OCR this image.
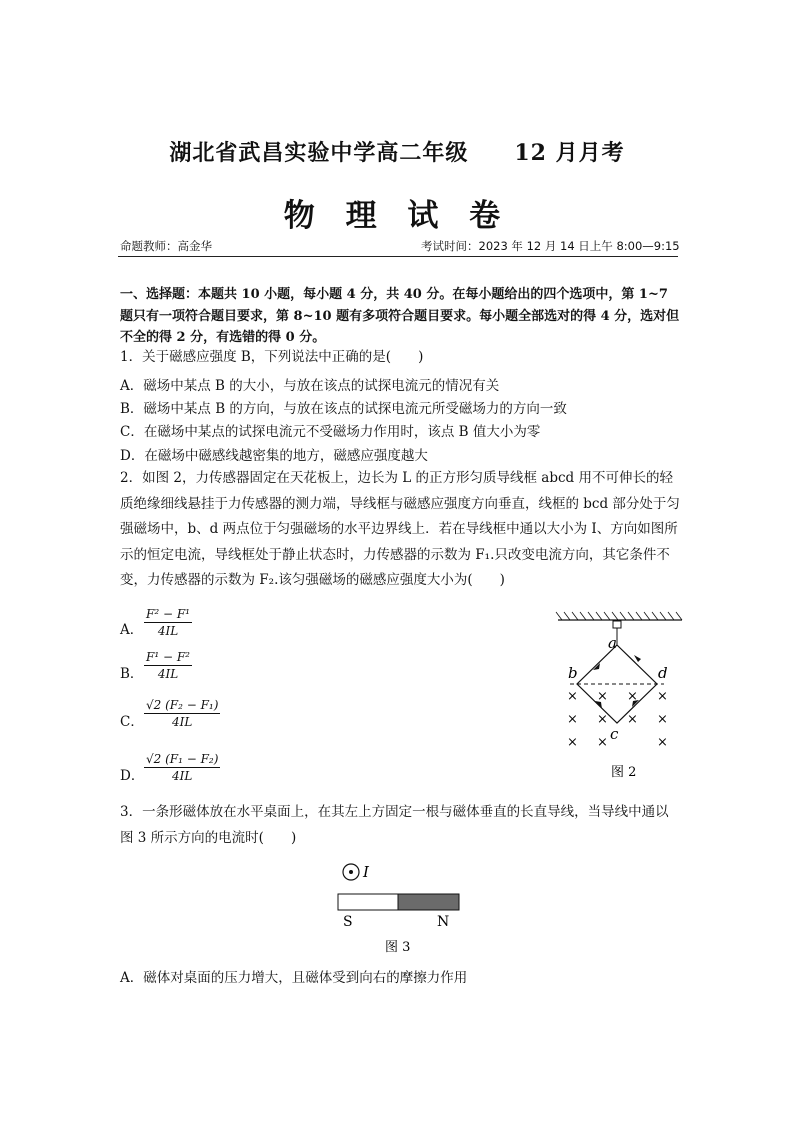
湖北省武昌实验中学高二年级　　12 月月考
物 理 试 卷
命题教师：高金华	考试时间：2023 年 12 月 14 日上午 8:00—9:15
一、选择题：本题共 10 小题，每小题 4 分，共 40 分。在每小题给出的四个选项中，第 1~7 题只有一项符合题目要求，第 8~10 题有多项符合题目要求。每小题全部选对的得 4 分，选对但不全的得 2 分，有选错的得 0 分。
1．关于磁感应强度 B，下列说法中正确的是(　　)
A．磁场中某点 B 的大小，与放在该点的试探电流元的情况有关
B．磁场中某点 B 的方向，与放在该点的试探电流元所受磁场力的方向一致
C．在磁场中某点的试探电流元不受磁场力作用时，该点 B 值大小为零
D．在磁场中磁感线越密集的地方，磁感应强度越大
2．如图 2，力传感器固定在天花板上，边长为 L 的正方形匀质导线框 abcd 用不可伸长的轻质绝缘细线悬挂于力传感器的测力端，导线框与磁感应强度方向垂直，线框的 bcd 部分处于匀强磁场中，b、d 两点位于匀强磁场的水平边界线上．若在导线框中通以大小为 I、方向如图所示的恒定电流，导线框处于静止状态时，力传感器的示数为 F₁.只改变电流方向，其它条件不变，力传感器的示数为 F₂.该匀强磁场的磁感应强度大小为(　　)
A． $\frac{\text{F² − F¹}}{4IL}$
B． $\frac{\text{F¹ − F²}}{4IL}$
C． $\frac{\text{√2 (F₂ − F₁)}}{4IL}$
D． $\frac{\text{√2 (F₁ − F₂)}}{4IL}$
a
b	d
c
× × × ×
× × × ×
× ×	×
图 2
3．一条形磁体放在水平桌面上，在其左上方固定一根与磁体垂直的长直导线，当导线中通以图 3 所示方向的电流时(　　)
I
S	N
图 3
A．磁体对桌面的压力增大，且磁体受到向右的摩擦力作用
